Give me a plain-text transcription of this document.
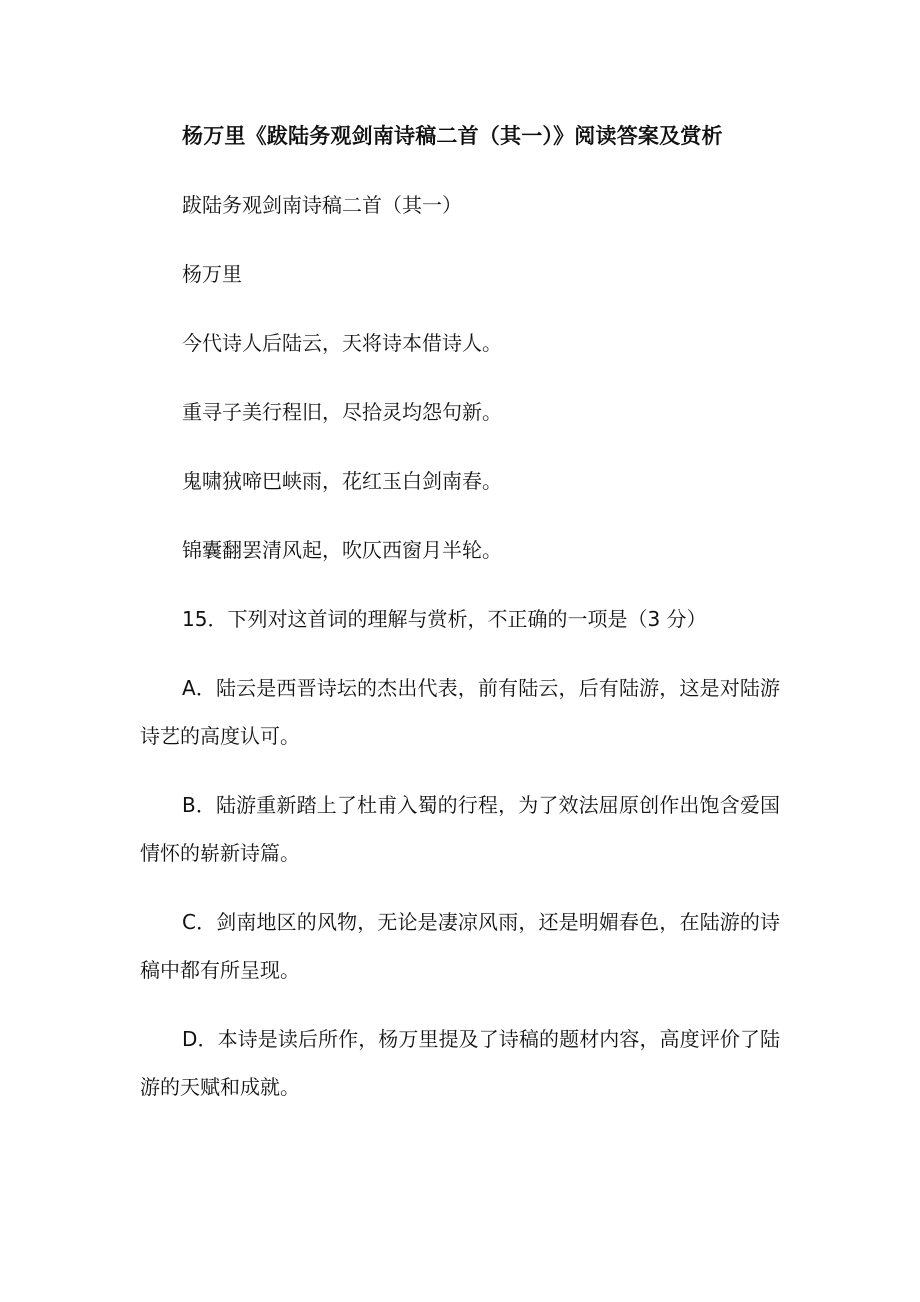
杨万里《跋陆务观剑南诗稿二首（其一）》阅读答案及赏析

跋陆务观剑南诗稿二首（其一）

杨万里

今代诗人后陆云，天将诗本借诗人。

重寻子美行程旧，尽拾灵均怨句新。

鬼啸狨啼巴峡雨，花红玉白剑南春。

锦囊翻罢清风起，吹仄西窗月半轮。

15．下列对这首词的理解与赏析，不正确的一项是（3 分）

A．陆云是西晋诗坛的杰出代表，前有陆云，后有陆游，这是对陆游诗艺的高度认可。

B．陆游重新踏上了杜甫入蜀的行程，为了效法屈原创作出饱含爱国情怀的崭新诗篇。

C．剑南地区的风物，无论是凄凉风雨，还是明媚春色，在陆游的诗稿中都有所呈现。

D．本诗是读后所作，杨万里提及了诗稿的题材内容，高度评价了陆游的天赋和成就。
